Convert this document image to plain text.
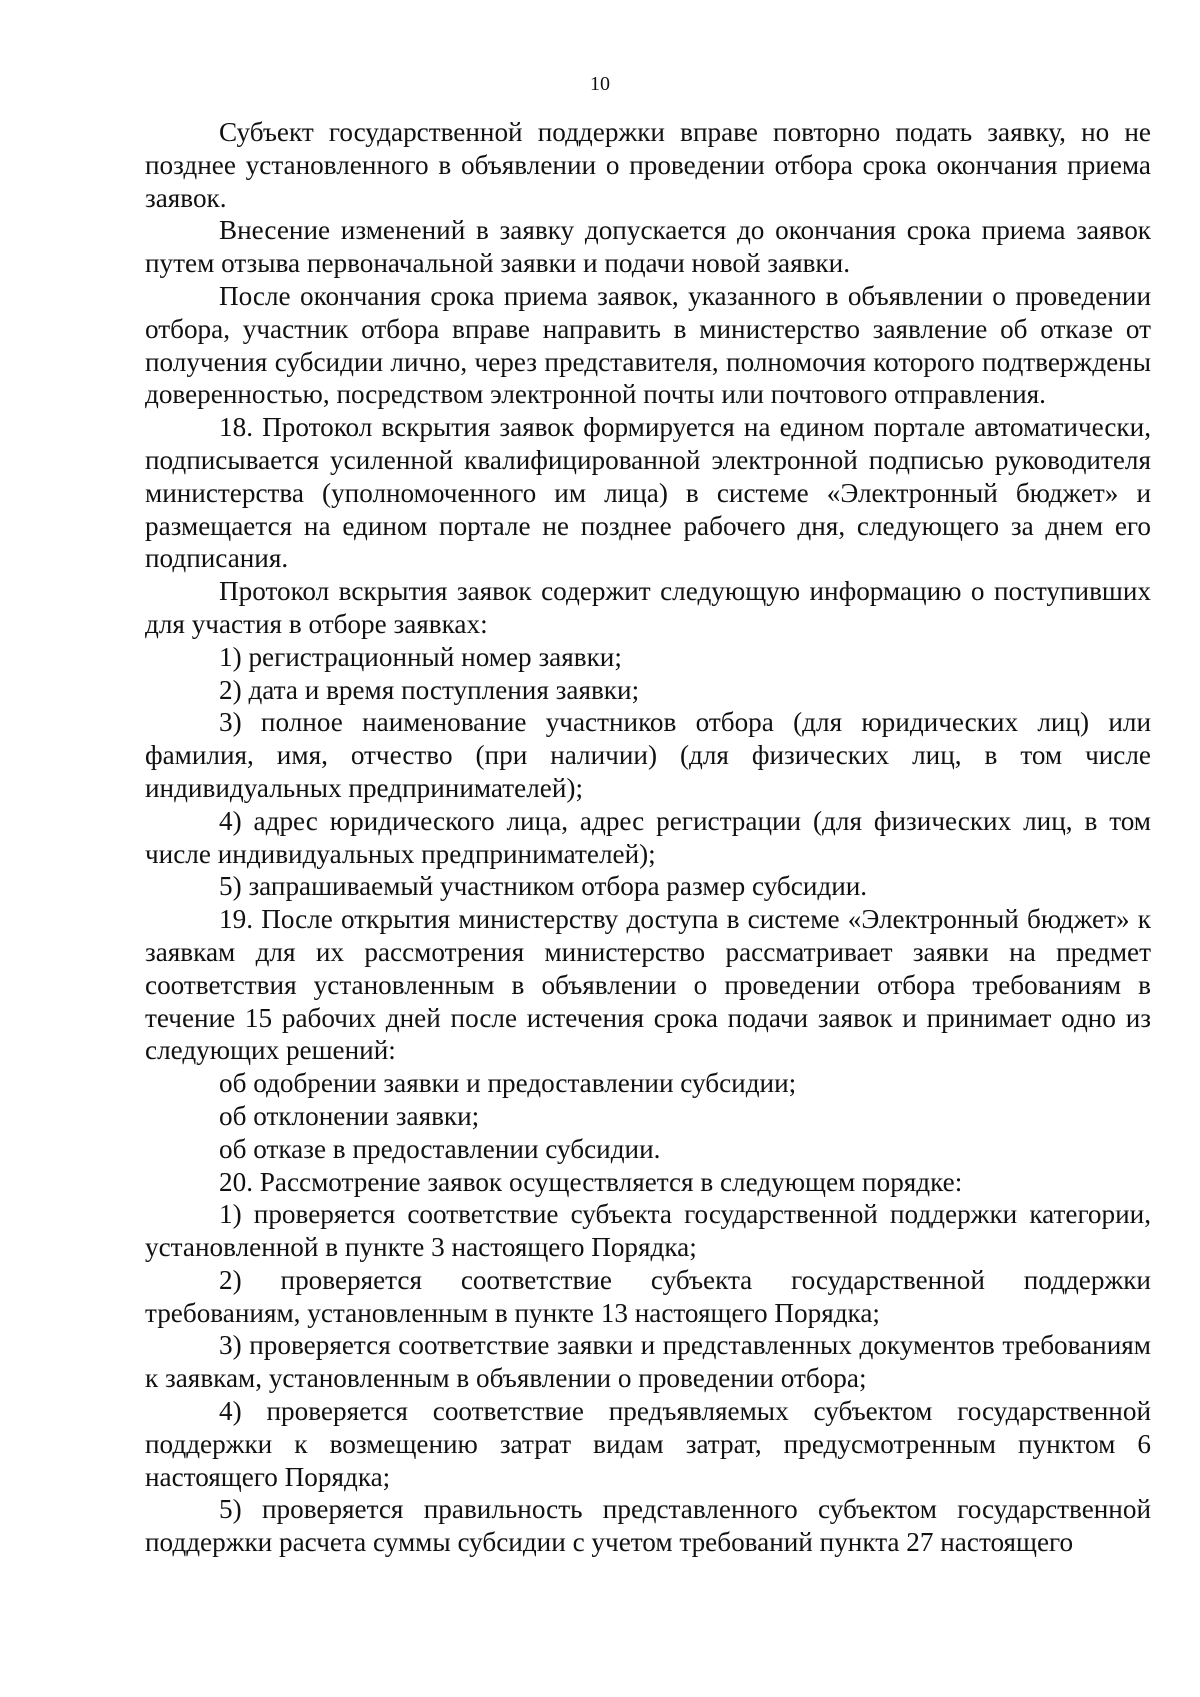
10

Субъект государственной поддержки вправе повторно подать заявку, но не позднее установленного в объявлении о проведении отбора срока окончания приема заявок.

Внесение изменений в заявку допускается до окончания срока приема заявок путем отзыва первоначальной заявки и подачи новой заявки.

После окончания срока приема заявок, указанного в объявлении о проведении отбора, участник отбора вправе направить в министерство заявление об отказе от получения субсидии лично, через представителя, полномочия которого подтверждены доверенностью, посредством электронной почты или почтового отправления.

18. Протокол вскрытия заявок формируется на едином портале автоматически, подписывается усиленной квалифицированной электронной подписью руководителя министерства (уполномоченного им лица) в системе «Электронный бюджет» и размещается на едином портале не позднее рабочего дня, следующего за днем его подписания.

Протокол вскрытия заявок содержит следующую информацию о поступивших для участия в отборе заявках:

1) регистрационный номер заявки;

2) дата и время поступления заявки;

3) полное наименование участников отбора (для юридических лиц) или фамилия, имя, отчество (при наличии) (для физических лиц, в том числе индивидуальных предпринимателей);

4) адрес юридического лица, адрес регистрации (для физических лиц, в том числе индивидуальных предпринимателей);

5) запрашиваемый участником отбора размер субсидии.

19. После открытия министерству доступа в системе «Электронный бюджет» к заявкам для их рассмотрения министерство рассматривает заявки на предмет соответствия установленным в объявлении о проведении отбора требованиям в течение 15 рабочих дней после истечения срока подачи заявок и принимает одно из следующих решений:

об одобрении заявки и предоставлении субсидии;

об отклонении заявки;

об отказе в предоставлении субсидии.

20. Рассмотрение заявок осуществляется в следующем порядке:

1) проверяется соответствие субъекта государственной поддержки категории, установленной в пункте 3 настоящего Порядка;

2) проверяется соответствие субъекта государственной поддержки требованиям, установленным в пункте 13 настоящего Порядка;

3) проверяется соответствие заявки и представленных документов требованиям к заявкам, установленным в объявлении о проведении отбора;

4) проверяется соответствие предъявляемых субъектом государственной поддержки к возмещению затрат видам затрат, предусмотренным пунктом 6 настоящего Порядка;

5) проверяется правильность представленного субъектом государственной поддержки расчета суммы субсидии с учетом требований пункта 27 настоящего
